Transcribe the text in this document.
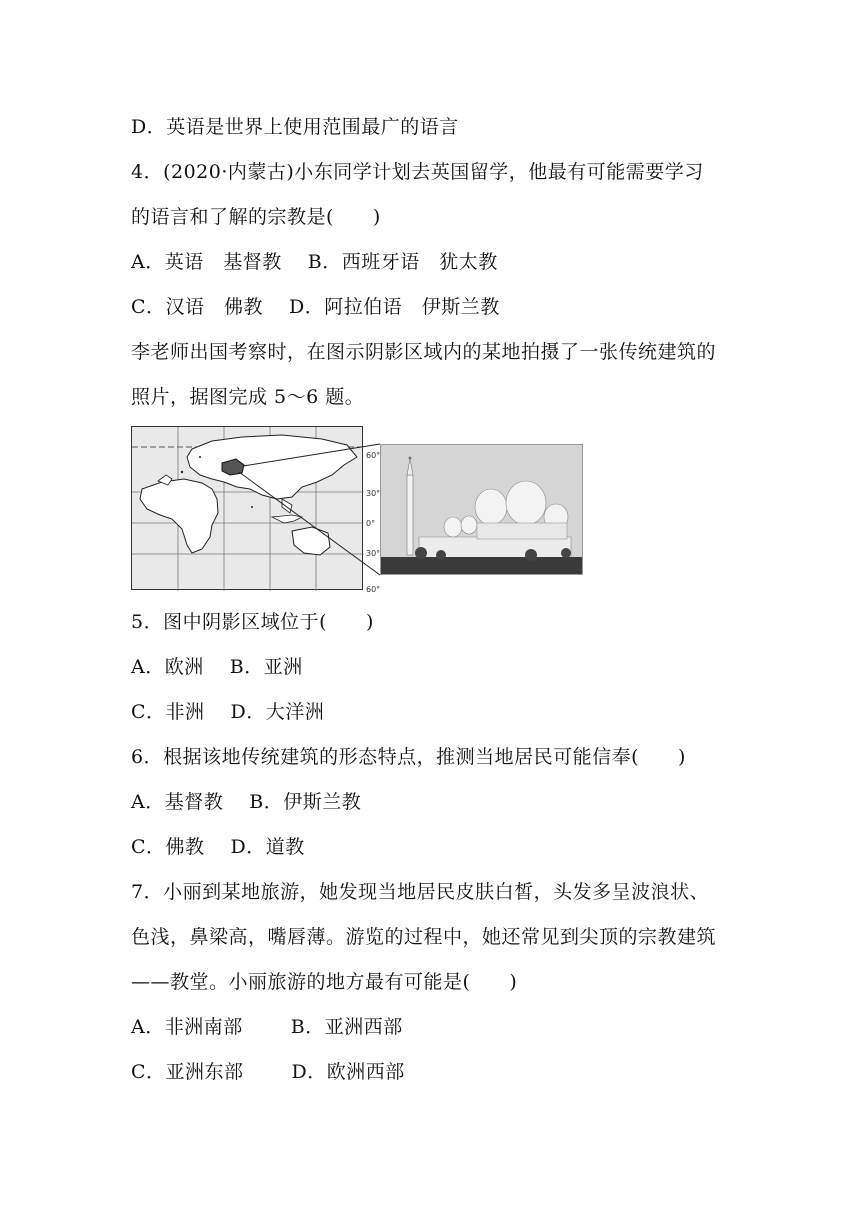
D．英语是世界上使用范围最广的语言
4．(2020·内蒙古)小东同学计划去英国留学，他最有可能需要学习
的语言和了解的宗教是(　　)
A．英语　基督教 B．西班牙语　犹太教
C．汉语　佛教 D．阿拉伯语　伊斯兰教
李老师出国考察时，在图示阴影区域内的某地拍摄了一张传统建筑的
照片，据图完成 5～6 题。
60°
30°
0°
30°
60°
5．图中阴影区域位于(　　)
A．欧洲 B．亚洲
C．非洲 D．大洋洲
6．根据该地传统建筑的形态特点，推测当地居民可能信奉(　　)
A．基督教 B．伊斯兰教
C．佛教 D．道教
7．小丽到某地旅游，她发现当地居民皮肤白皙，头发多呈波浪状、
色浅，鼻梁高，嘴唇薄。游览的过程中，她还常见到尖顶的宗教建筑
——教堂。小丽旅游的地方最有可能是(　　)
A．非洲南部	B．亚洲西部
C．亚洲东部	D．欧洲西部
